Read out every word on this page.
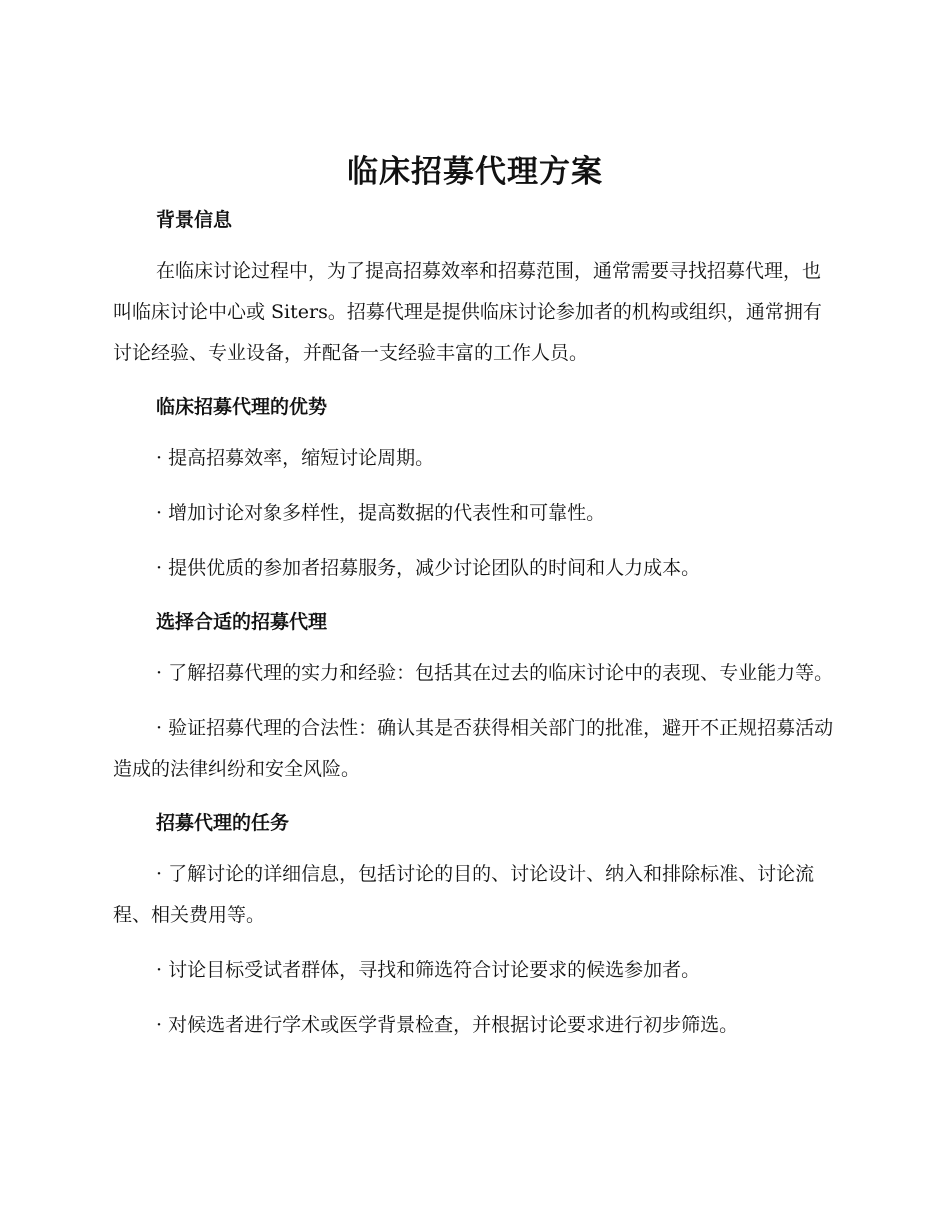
临床招募代理方案
背景信息

在临床讨论过程中，为了提高招募效率和招募范围，通常需要寻找招募代理，也叫临床讨论中心或 Siters。招募代理是提供临床讨论参加者的机构或组织，通常拥有讨论经验、专业设备，并配备一支经验丰富的工作人员。

临床招募代理的优势

· 提高招募效率，缩短讨论周期。

· 增加讨论对象多样性，提高数据的代表性和可靠性。

· 提供优质的参加者招募服务，减少讨论团队的时间和人力成本。

选择合适的招募代理

· 了解招募代理的实力和经验：包括其在过去的临床讨论中的表现、专业能力等。

· 验证招募代理的合法性：确认其是否获得相关部门的批准，避开不正规招募活动造成的法律纠纷和安全风险。

招募代理的任务

· 了解讨论的详细信息，包括讨论的目的、讨论设计、纳入和排除标准、讨论流程、相关费用等。

· 讨论目标受试者群体，寻找和筛选符合讨论要求的候选参加者。

· 对候选者进行学术或医学背景检查，并根据讨论要求进行初步筛选。
